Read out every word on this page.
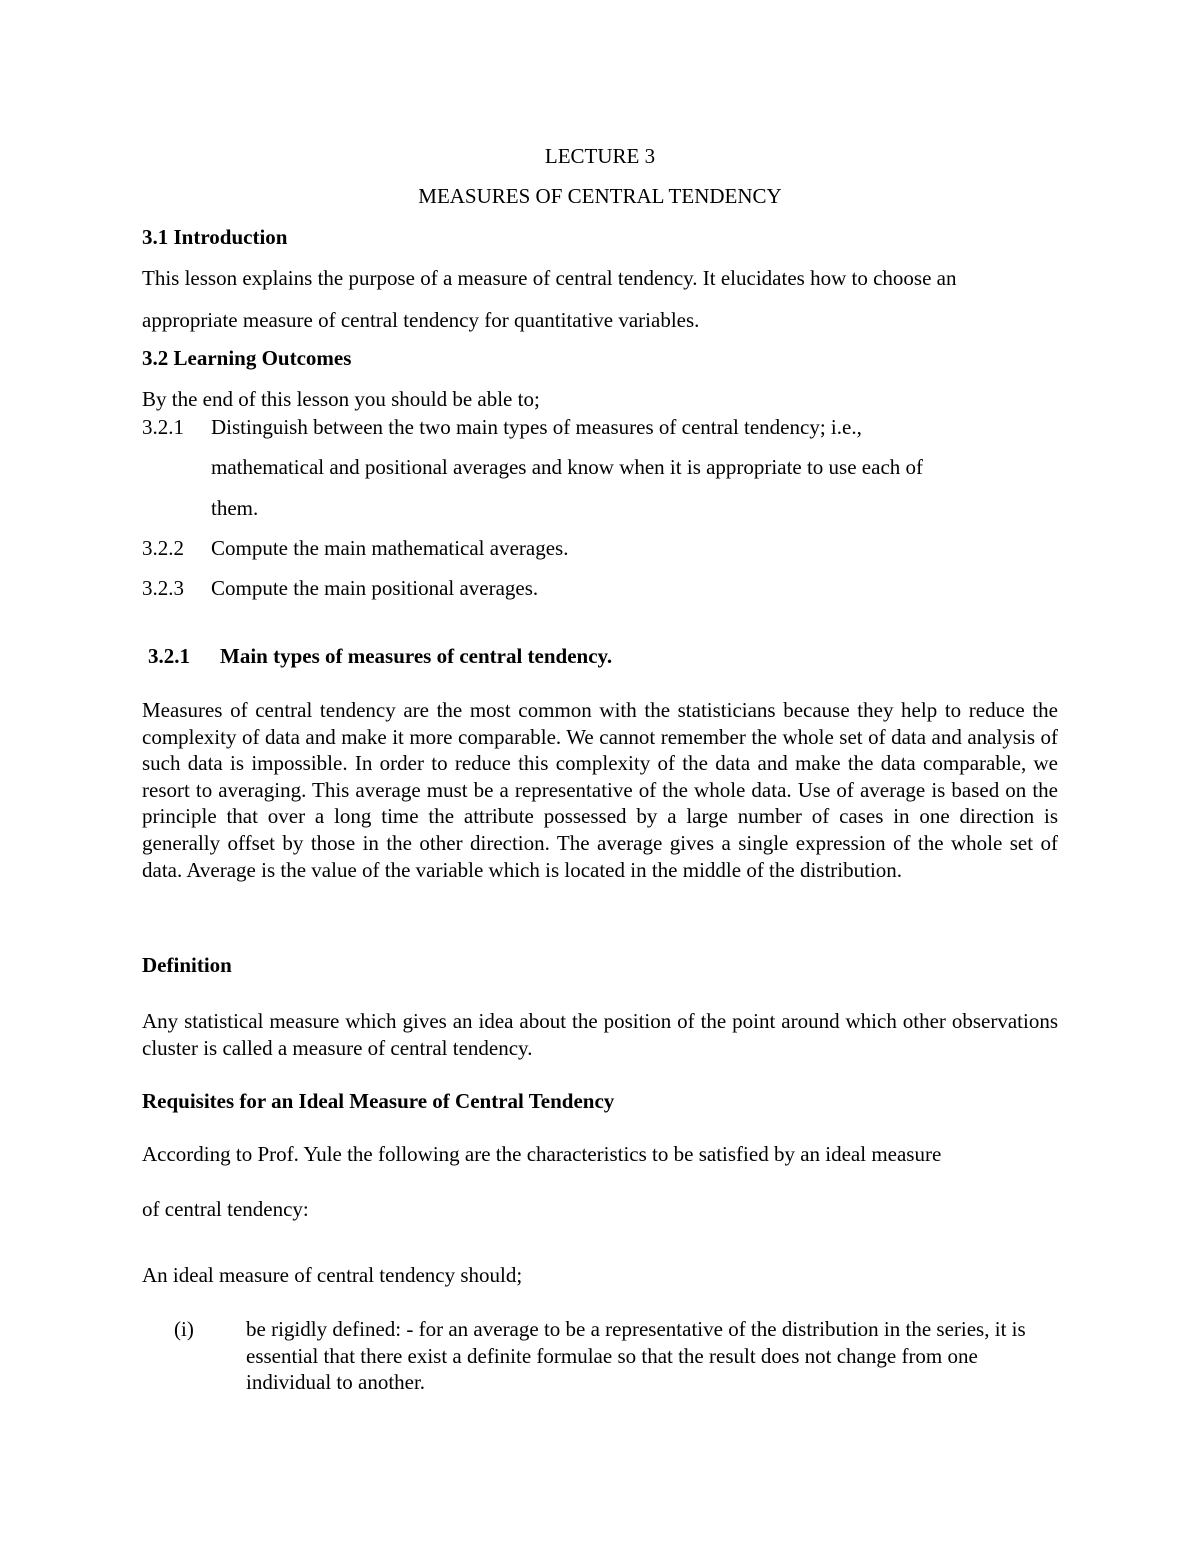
LECTURE 3

MEASURES OF CENTRAL TENDENCY

3.1 Introduction

This lesson explains the purpose of a measure of central tendency. It elucidates how to choose an

appropriate measure of central tendency for quantitative variables.

3.2 Learning Outcomes

By the end of this lesson you should be able to;

3.2.1 Distinguish between the two main types of measures of central tendency; i.e.,

mathematical and positional averages and know when it is appropriate to use each of

them.

3.2.2 Compute the main mathematical averages.

3.2.3 Compute the main positional averages.

3.2.1 Main types of measures of central tendency.

Measures of central tendency are the most common with the statisticians because they help to reduce the complexity of data and make it more comparable. We cannot remember the whole set of data and analysis of such data is impossible. In order to reduce this complexity of the data and make the data comparable, we resort to averaging. This average must be a representative of the whole data. Use of average is based on the principle that over a long time the attribute possessed by a large number of cases in one direction is generally offset by those in the other direction. The average gives a single expression of the whole set of data. Average is the value of the variable which is located in the middle of the distribution.

Definition

Any statistical measure which gives an idea about the position of the point around which other observations cluster is called a measure of central tendency.

Requisites for an Ideal Measure of Central Tendency

According to Prof. Yule the following are the characteristics to be satisfied by an ideal measure

of central tendency:

An ideal measure of central tendency should;

(i) be rigidly defined: - for an average to be a representative of the distribution in the series, it is essential that there exist a definite formulae so that the result does not change from one individual to another.
